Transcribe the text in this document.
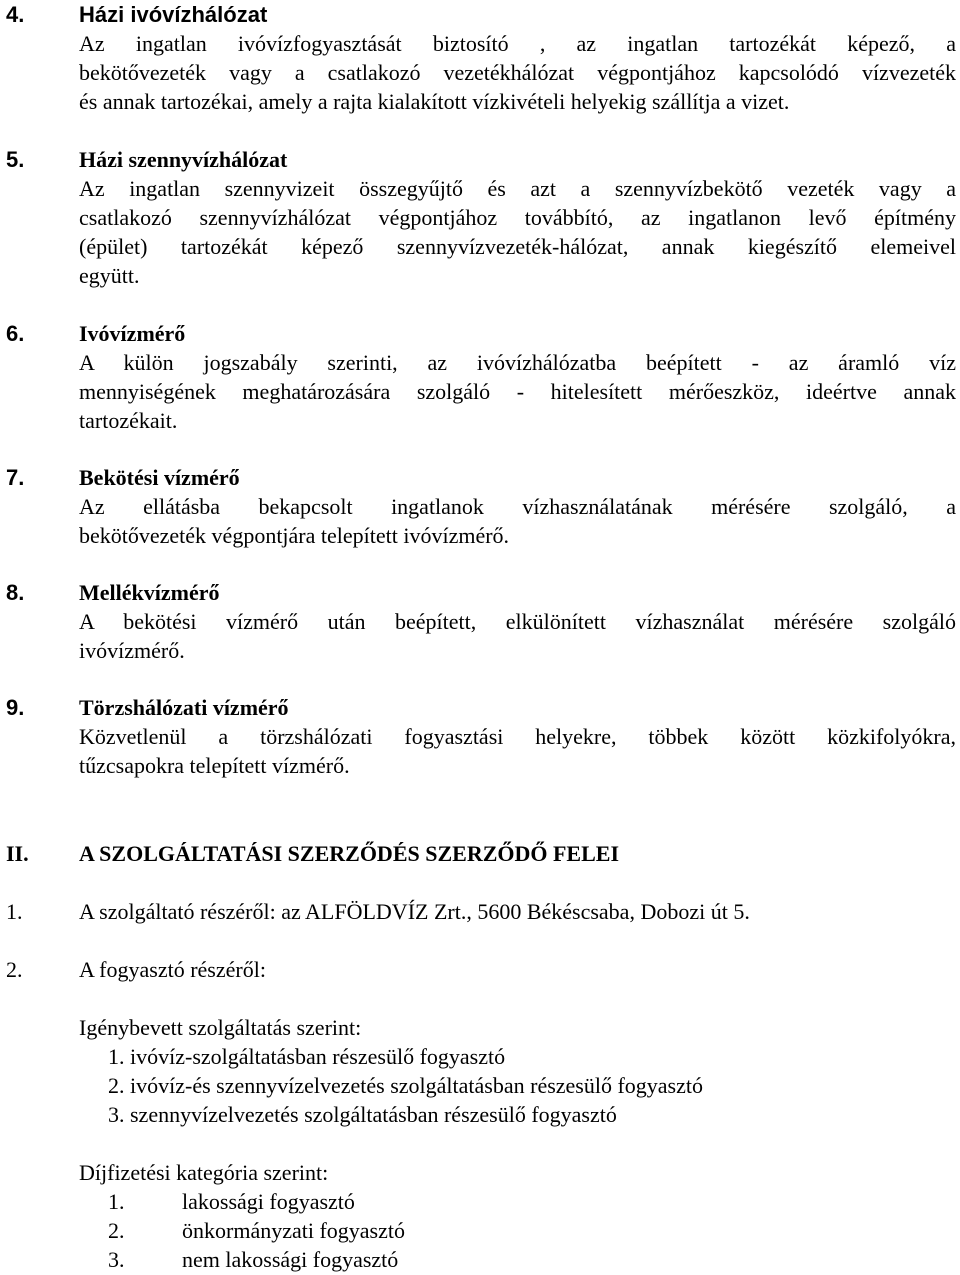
4. Házi ivóvízhálózat
Az ingatlan ivóvízfogyasztását biztosító , az ingatlan tartozékát képező, a
bekötővezeték vagy a csatlakozó vezetékhálózat végpontjához kapcsolódó vízvezeték
és annak tartozékai, amely a rajta kialakított vízkivételi helyekig szállítja a vizet.
5. Házi szennyvízhálózat
Az ingatlan szennyvizeit összegyűjtő és azt a szennyvízbekötő vezeték vagy a
csatlakozó szennyvízhálózat végpontjához továbbító, az ingatlanon levő építmény
(épület) tartozékát képező szennyvízvezeték-hálózat, annak kiegészítő elemeivel
együtt.
6. Ivóvízmérő
A külön jogszabály szerinti, az ivóvízhálózatba beépített - az áramló víz
mennyiségének meghatározására szolgáló - hitelesített mérőeszköz, ideértve annak
tartozékait.
7. Bekötési vízmérő
Az ellátásba bekapcsolt ingatlanok vízhasználatának mérésére szolgáló, a
bekötővezeték végpontjára telepített ivóvízmérő.
8. Mellékvízmérő
A bekötési vízmérő után beépített, elkülönített vízhasználat mérésére szolgáló
ivóvízmérő.
9. Törzshálózati vízmérő
Közvetlenül a törzshálózati fogyasztási helyekre, többek között közkifolyókra,
tűzcsapokra telepített vízmérő.
II. A SZOLGÁLTATÁSI SZERZŐDÉS SZERZŐDŐ FELEI
1.	A szolgáltató részéről: az ALFÖLDVÍZ Zrt., 5600 Békéscsaba, Dobozi út 5.
2.	A fogyasztó részéről:
Igénybevett szolgáltatás szerint:
1. ivóvíz-szolgáltatásban részesülő fogyasztó
2. ivóvíz-és szennyvízelvezetés szolgáltatásban részesülő fogyasztó
3. szennyvízelvezetés szolgáltatásban részesülő fogyasztó
Díjfizetési kategória szerint:
1.	lakossági fogyasztó
2.	önkormányzati fogyasztó
3.	nem lakossági fogyasztó
